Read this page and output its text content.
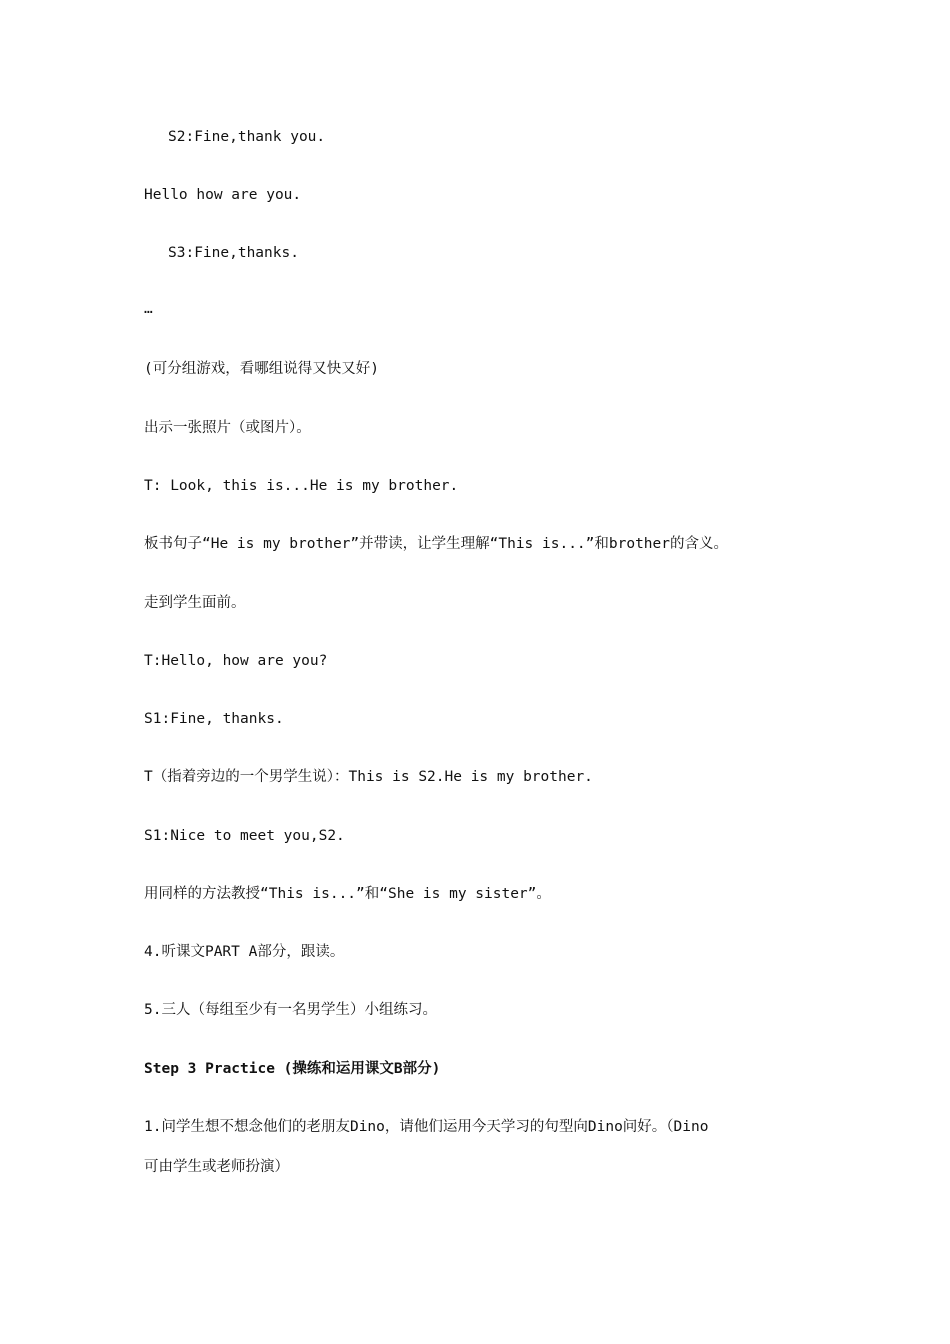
S2:Fine,thank you.
Hello how are you.
S3:Fine,thanks.
…
(可分组游戏，看哪组说得又快又好)
出示一张照片（或图片）。
T: Look, this is...He is my brother.
板书句子“He is my brother”并带读，让学生理解“This is...”和brother的含义。
走到学生面前。
T:Hello, how are you?
S1:Fine, thanks.
T（指着旁边的一个男学生说）：This is S2.He is my brother.
S1:Nice to meet you,S2.
用同样的方法教授“This is...”和“She is my sister”。
4.听课文PART A部分，跟读。
5.三人（每组至少有一名男学生）小组练习。
Step 3 Practice (操练和运用课文B部分)
1.问学生想不想念他们的老朋友Dino，请他们运用今天学习的句型向Dino问好。（Dino
可由学生或老师扮演）
